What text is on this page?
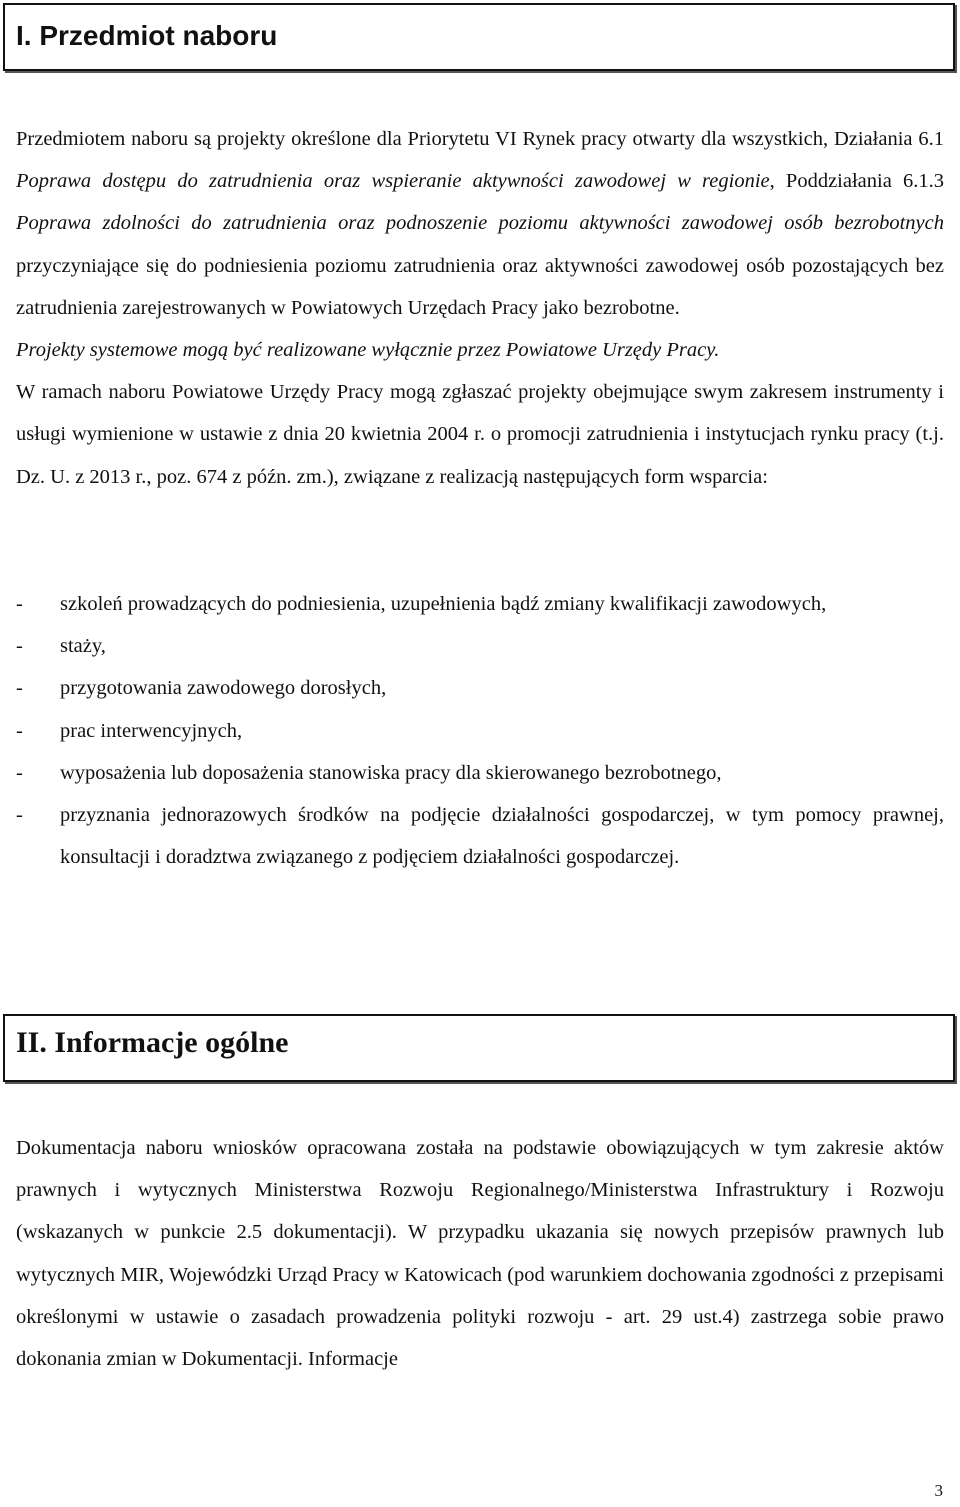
I. Przedmiot naboru

Przedmiotem naboru są projekty określone dla Priorytetu VI Rynek pracy otwarty dla wszystkich, Działania 6.1 Poprawa dostępu do zatrudnienia oraz wspieranie aktywności zawodowej w regionie, Poddziałania 6.1.3 Poprawa zdolności do zatrudnienia oraz podnoszenie poziomu aktywności zawodowej osób bezrobotnych przyczyniające się do podniesienia poziomu zatrudnienia oraz aktywności zawodowej osób pozostających bez zatrudnienia zarejestrowanych w Powiatowych Urzędach Pracy jako bezrobotne.

Projekty systemowe mogą być realizowane wyłącznie przez Powiatowe Urzędy Pracy.

W ramach naboru Powiatowe Urzędy Pracy mogą zgłaszać projekty obejmujące swym zakresem instrumenty i usługi wymienione w ustawie z dnia 20 kwietnia 2004 r. o promocji zatrudnienia i instytucjach rynku pracy (t.j. Dz. U. z 2013 r., poz. 674 z późn. zm.), związane z realizacją następujących form wsparcia:

- szkoleń prowadzących do podniesienia, uzupełnienia bądź zmiany kwalifikacji zawodowych,
- staży,
- przygotowania zawodowego dorosłych,
- prac interwencyjnych,
- wyposażenia lub doposażenia stanowiska pracy dla skierowanego bezrobotnego,
- przyznania jednorazowych środków na podjęcie działalności gospodarczej, w tym pomocy prawnej, konsultacji i doradztwa związanego z podjęciem działalności gospodarczej.
II. Informacje ogólne

Dokumentacja naboru wniosków opracowana została na podstawie obowiązujących w tym zakresie aktów prawnych i wytycznych Ministerstwa Rozwoju Regionalnego/Ministerstwa Infrastruktury i Rozwoju (wskazanych w punkcie 2.5 dokumentacji). W przypadku ukazania się nowych przepisów prawnych lub wytycznych MIR, Wojewódzki Urząd Pracy w Katowicach (pod warunkiem dochowania zgodności z przepisami określonymi w ustawie o zasadach prowadzenia polityki rozwoju - art. 29 ust.4) zastrzega sobie prawo dokonania zmian w Dokumentacji. Informacje

3
